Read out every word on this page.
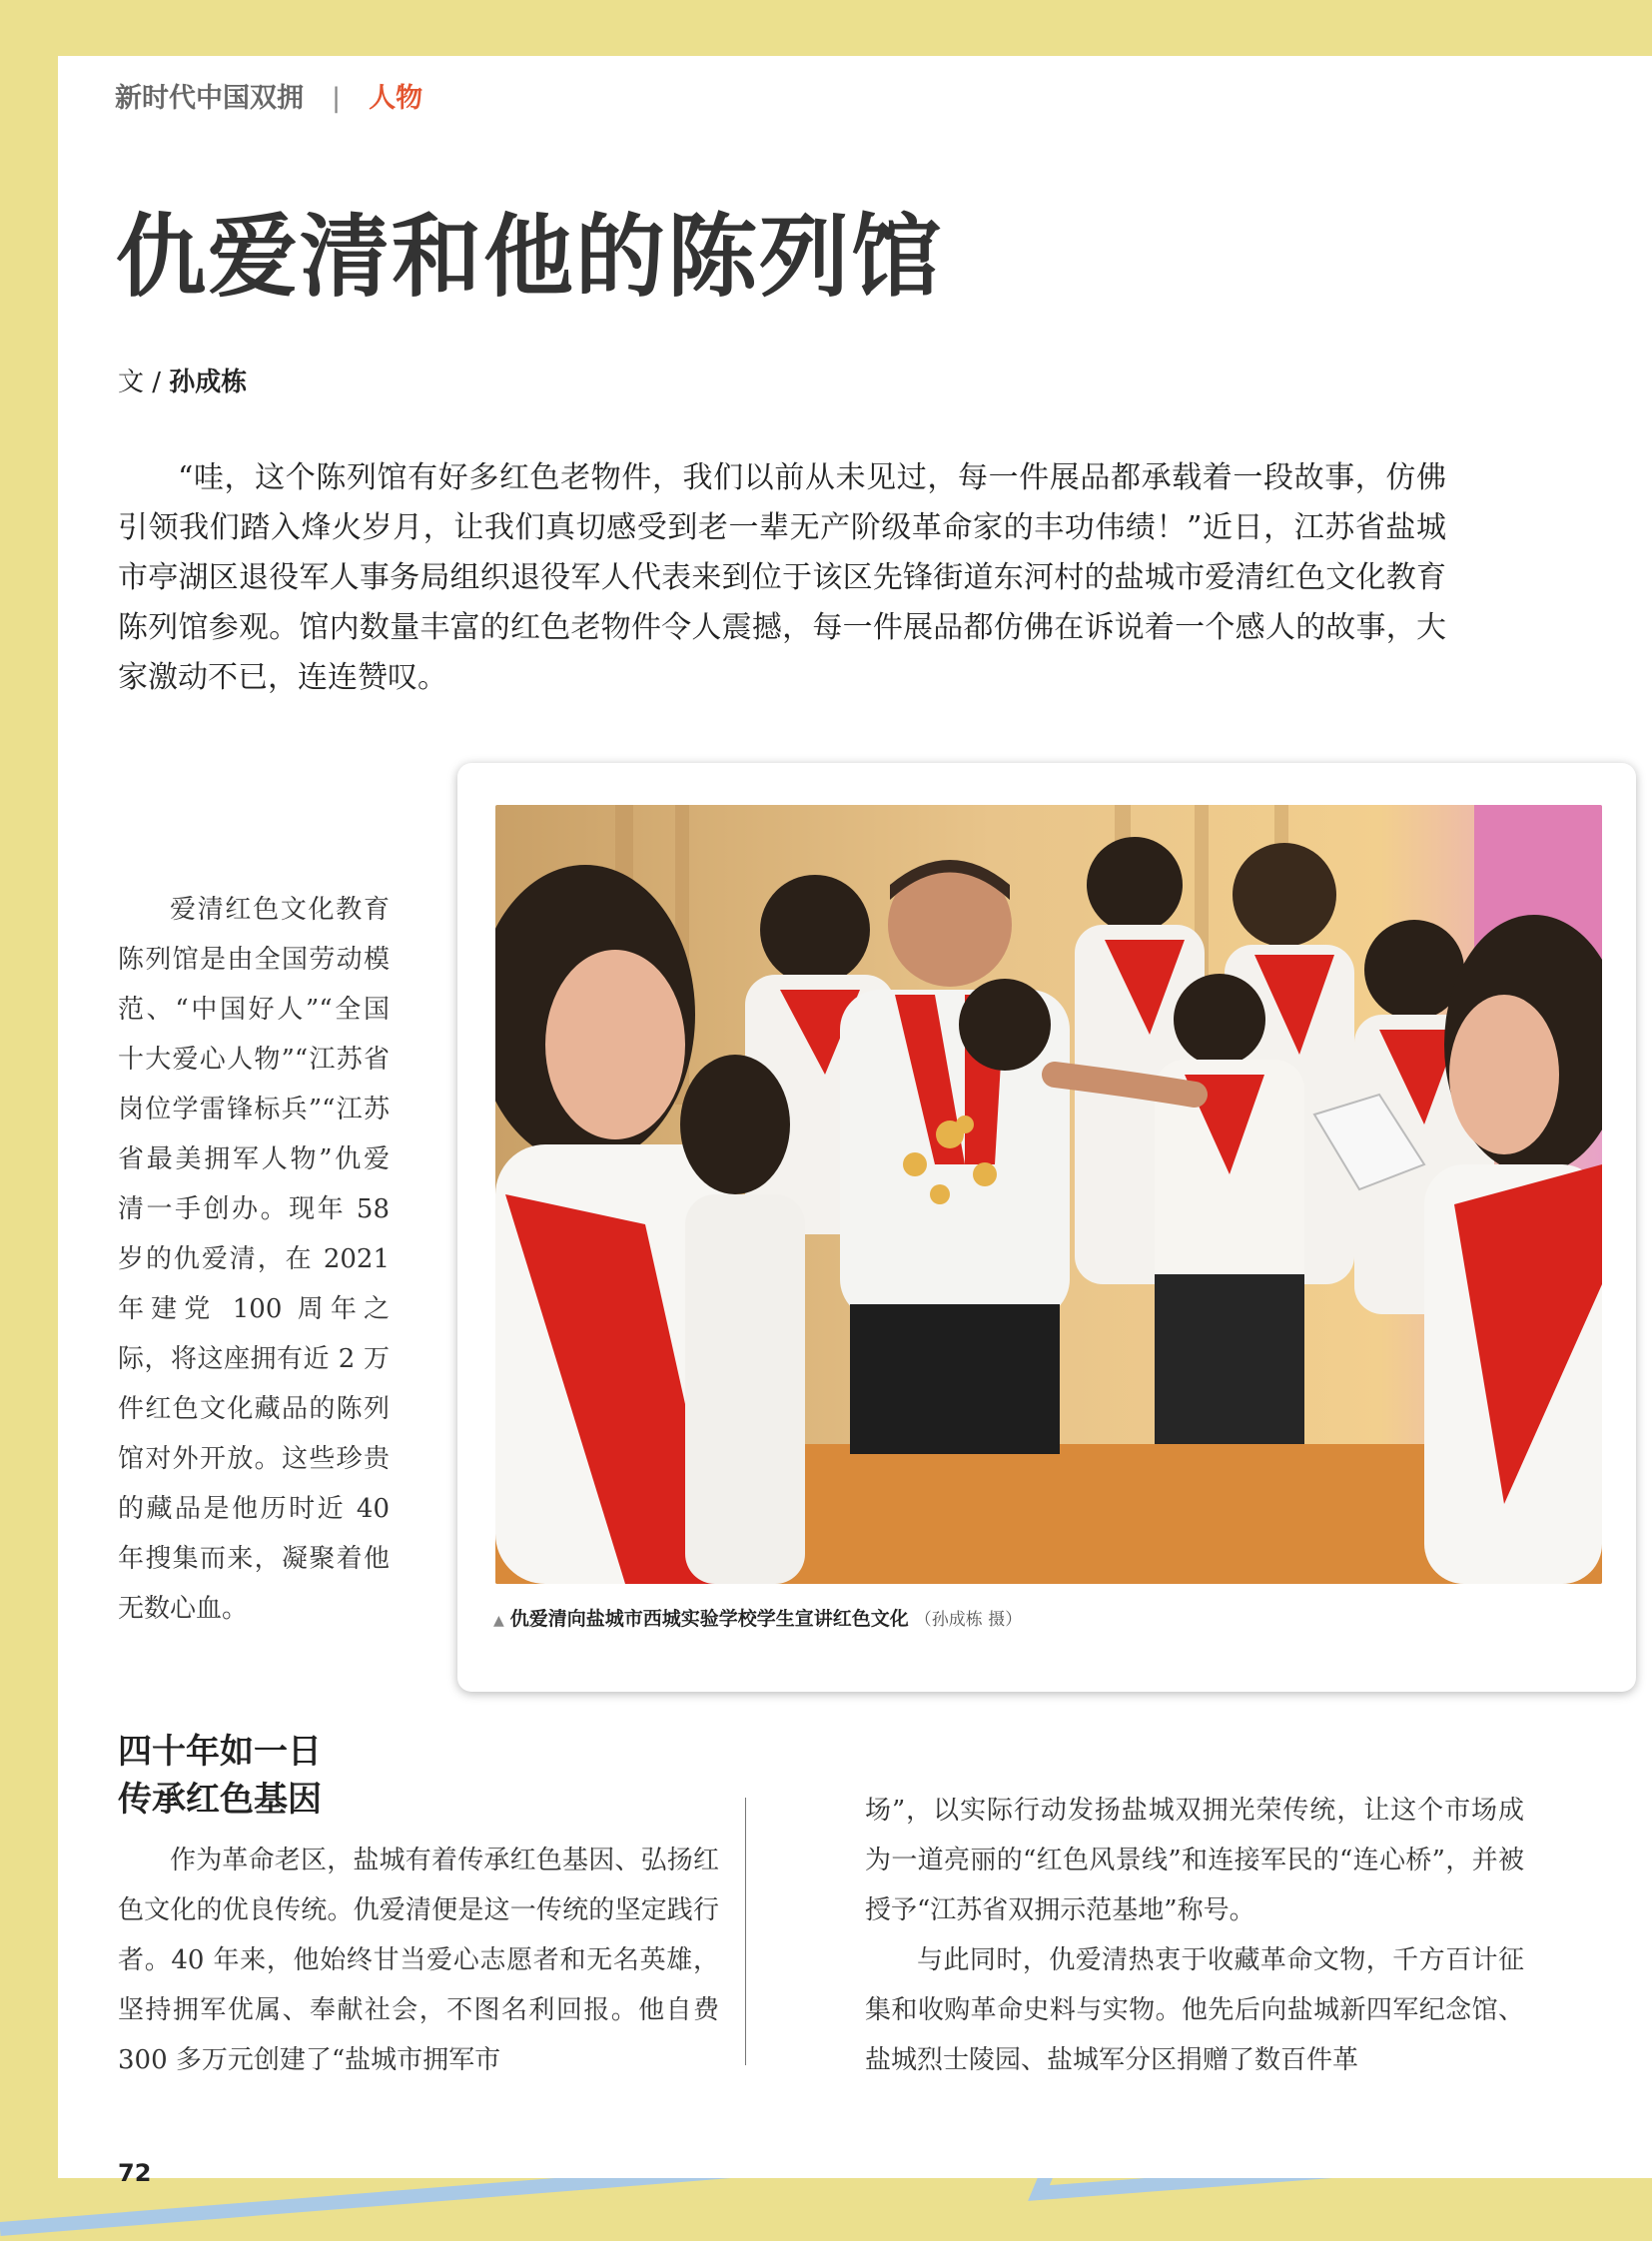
新时代中国双拥 | 人物
仇爱清和他的陈列馆
文 / 孙成栋

“哇，这个陈列馆有好多红色老物件，我们以前从未见过，每一件展品都承载着一段故事，仿佛引领我们踏入烽火岁月，让我们真切感受到老一辈无产阶级革命家的丰功伟绩！”近日，江苏省盐城市亭湖区退役军人事务局组织退役军人代表来到位于该区先锋街道东河村的盐城市爱清红色文化教育陈列馆参观。馆内数量丰富的红色老物件令人震撼，每一件展品都仿佛在诉说着一个感人的故事，大家激动不已，连连赞叹。

爱清红色文化教育陈列馆是由全国劳动模范、“中国好人”“全国十大爱心人物”“江苏省岗位学雷锋标兵”“江苏省最美拥军人物”仇爱清一手创办。现年 58 岁的仇爱清，在 2021 年建党 100 周年之际，将这座拥有近 2 万件红色文化藏品的陈列馆对外开放。这些珍贵的藏品是他历时近 40 年搜集而来，凝聚着他无数心血。	▲ 仇爱清向盐城市西城实验学校学生宣讲红色文化 （孙成栋 摄）
四十年如一日
传承红色基因

作为革命老区，盐城有着传承红色基因、弘扬红色文化的优良传统。仇爱清便是这一传统的坚定践行者。40 年来，他始终甘当爱心志愿者和无名英雄，坚持拥军优属、奉献社会，不图名利回报。他自费 300 多万元创建了“盐城市拥军市

场”，以实际行动发扬盐城双拥光荣传统，让这个市场成为一道亮丽的“红色风景线”和连接军民的“连心桥”，并被授予“江苏省双拥示范基地”称号。

与此同时，仇爱清热衷于收藏革命文物，千方百计征集和收购革命史料与实物。他先后向盐城新四军纪念馆、盐城烈士陵园、盐城军分区捐赠了数百件革

72
